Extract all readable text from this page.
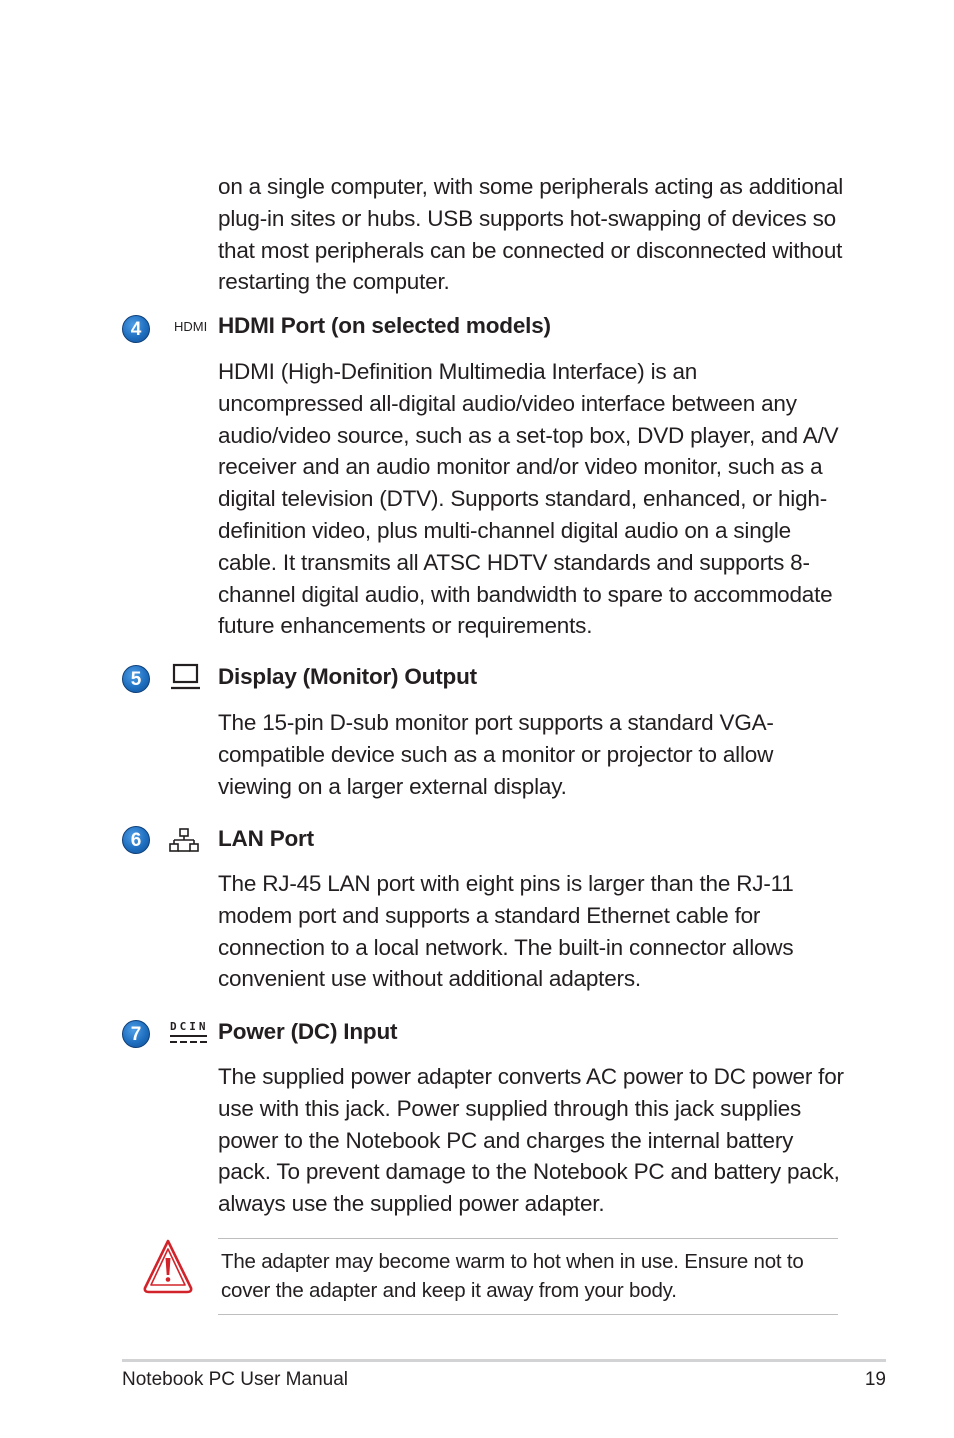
on a single computer, with some peripherals acting as additional plug-in sites or hubs. USB supports hot-swapping of devices so that most peripherals can be connected or disconnected without restarting the computer.

4	HDMI HDMI Port (on selected models)

HDMI (High-Definition Multimedia Interface) is an uncompressed all-digital audio/video interface between any audio/video source, such as a set-top box, DVD player, and A/V receiver and an audio monitor and/or video monitor, such as a digital television (DTV). Supports standard, enhanced, or high-definition video, plus multi-channel digital audio on a single cable. It transmits all ATSC HDTV standards and supports 8-channel digital audio, with bandwidth to spare to accommodate future enhancements or requirements.

5	Display (Monitor) Output

The 15-pin D-sub monitor port supports a standard VGA-compatible device such as a monitor or projector to allow viewing on a larger external display.

6	LAN Port

The RJ-45 LAN port with eight pins is larger than the RJ-11 modem port and supports a standard Ethernet cable for connection to a local network. The built-in connector allows convenient use without additional adapters.

7	DCIN Power (DC) Input

The supplied power adapter converts AC power to DC power for use with this jack. Power supplied through this jack supplies power to the Notebook PC and charges the internal battery pack. To prevent damage to the Notebook PC and battery pack, always use the supplied power adapter.

The adapter may become warm to hot when in use. Ensure not to cover the adapter and keep it away from your body.

Notebook PC User Manual	19
